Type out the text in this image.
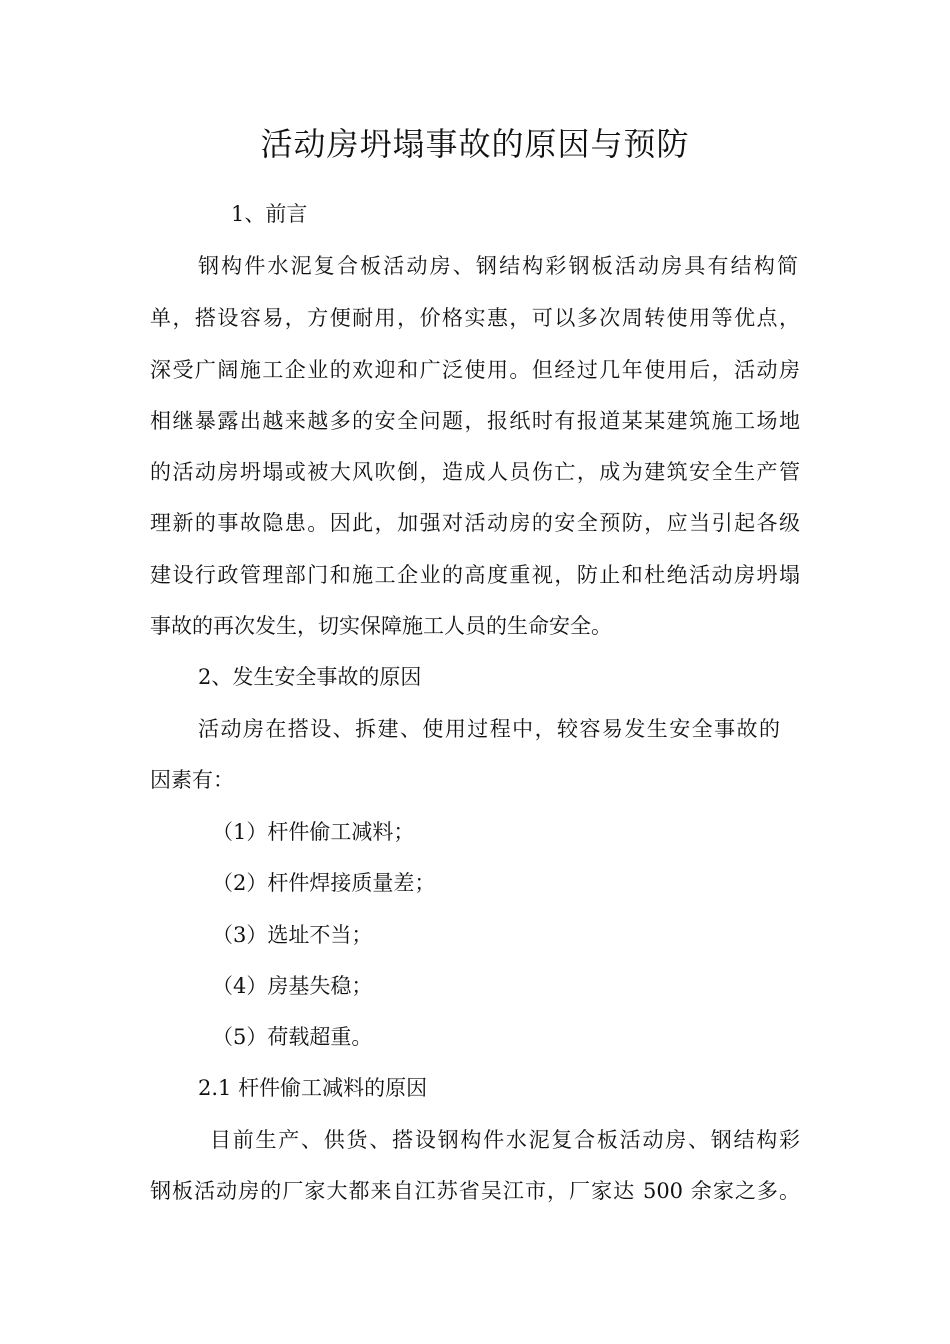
活动房坍塌事故的原因与预防
1、前言
钢构件水泥复合板活动房、钢结构彩钢板活动房具有结构简
单，搭设容易，方便耐用，价格实惠，可以多次周转使用等优点，
深受广阔施工企业的欢迎和广泛使用。但经过几年使用后，活动房
相继暴露出越来越多的安全问题，报纸时有报道某某建筑施工场地
的活动房坍塌或被大风吹倒，造成人员伤亡，成为建筑安全生产管
理新的事故隐患。因此，加强对活动房的安全预防，应当引起各级
建设行政管理部门和施工企业的高度重视，防止和杜绝活动房坍塌
事故的再次发生，切实保障施工人员的生命安全。
2、发生安全事故的原因
活动房在搭设、拆建、使用过程中，较容易发生安全事故的
因素有：
（1）杆件偷工减料；
（2）杆件焊接质量差；
（3）选址不当；
（4）房基失稳；
（5）荷载超重。
2.1 杆件偷工减料的原因
目前生产、供货、搭设钢构件水泥复合板活动房、钢结构彩
钢板活动房的厂家大都来自江苏省吴江市，厂家达 500 余家之多。
